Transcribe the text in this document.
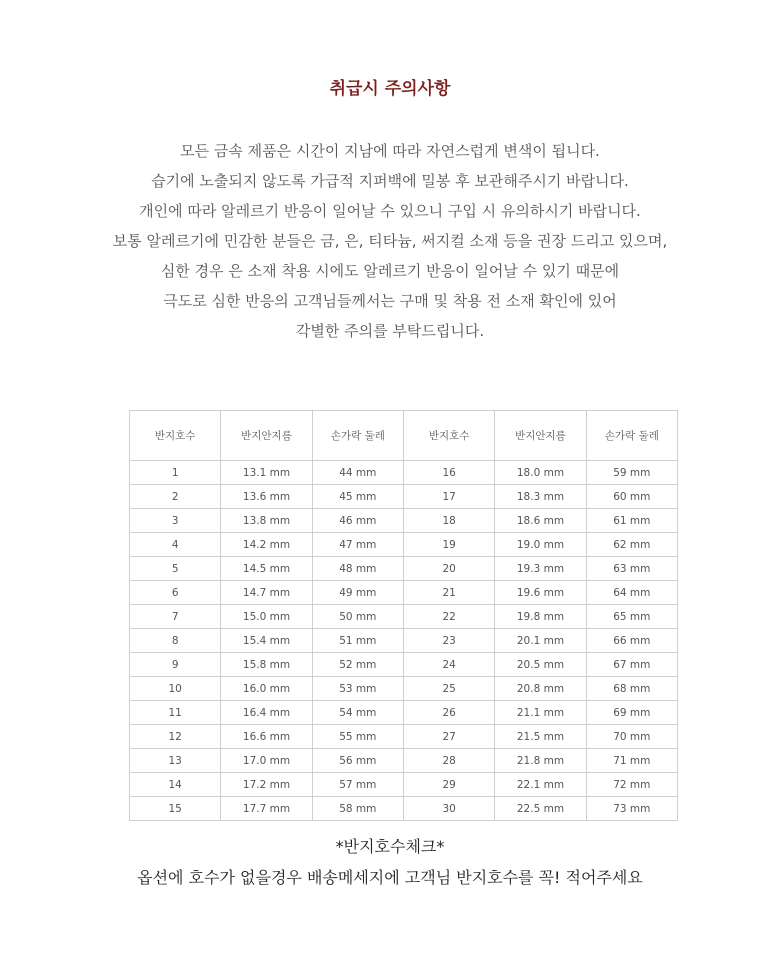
취급시 주의사항

모든 금속 제품은 시간이 지남에 따라 자연스럽게 변색이 됩니다.

습기에 노출되지 않도록 가급적 지퍼백에 밀봉 후 보관해주시기 바랍니다.

개인에 따라 알레르기 반응이 일어날 수 있으니 구입 시 유의하시기 바랍니다.

보통 알레르기에 민감한 분들은 금, 은, 티타늄, 써지컬 소재 등을 권장 드리고 있으며,

심한 경우 은 소재 착용 시에도 알레르기 반응이 일어날 수 있기 때문에

극도로 심한 반응의 고객님들께서는 구매 및 착용 전 소재 확인에 있어

각별한 주의를 부탁드립니다.

반지호수	반지안지름	손가락 둘레	반지호수	반지안지름	손가락 둘레
1	13.1 mm	44 mm	16	18.0 mm	59 mm
2	13.6 mm	45 mm	17	18.3 mm	60 mm
3	13.8 mm	46 mm	18	18.6 mm	61 mm
4	14.2 mm	47 mm	19	19.0 mm	62 mm
5	14.5 mm	48 mm	20	19.3 mm	63 mm
6	14.7 mm	49 mm	21	19.6 mm	64 mm
7	15.0 mm	50 mm	22	19.8 mm	65 mm
8	15.4 mm	51 mm	23	20.1 mm	66 mm
9	15.8 mm	52 mm	24	20.5 mm	67 mm
10	16.0 mm	53 mm	25	20.8 mm	68 mm
11	16.4 mm	54 mm	26	21.1 mm	69 mm
12	16.6 mm	55 mm	27	21.5 mm	70 mm
13	17.0 mm	56 mm	28	21.8 mm	71 mm
14	17.2 mm	57 mm	29	22.1 mm	72 mm
15	17.7 mm	58 mm	30	22.5 mm	73 mm
*반지호수체크*
옵션에 호수가 없을경우 배송메세지에 고객님 반지호수를 꼭! 적어주세요
